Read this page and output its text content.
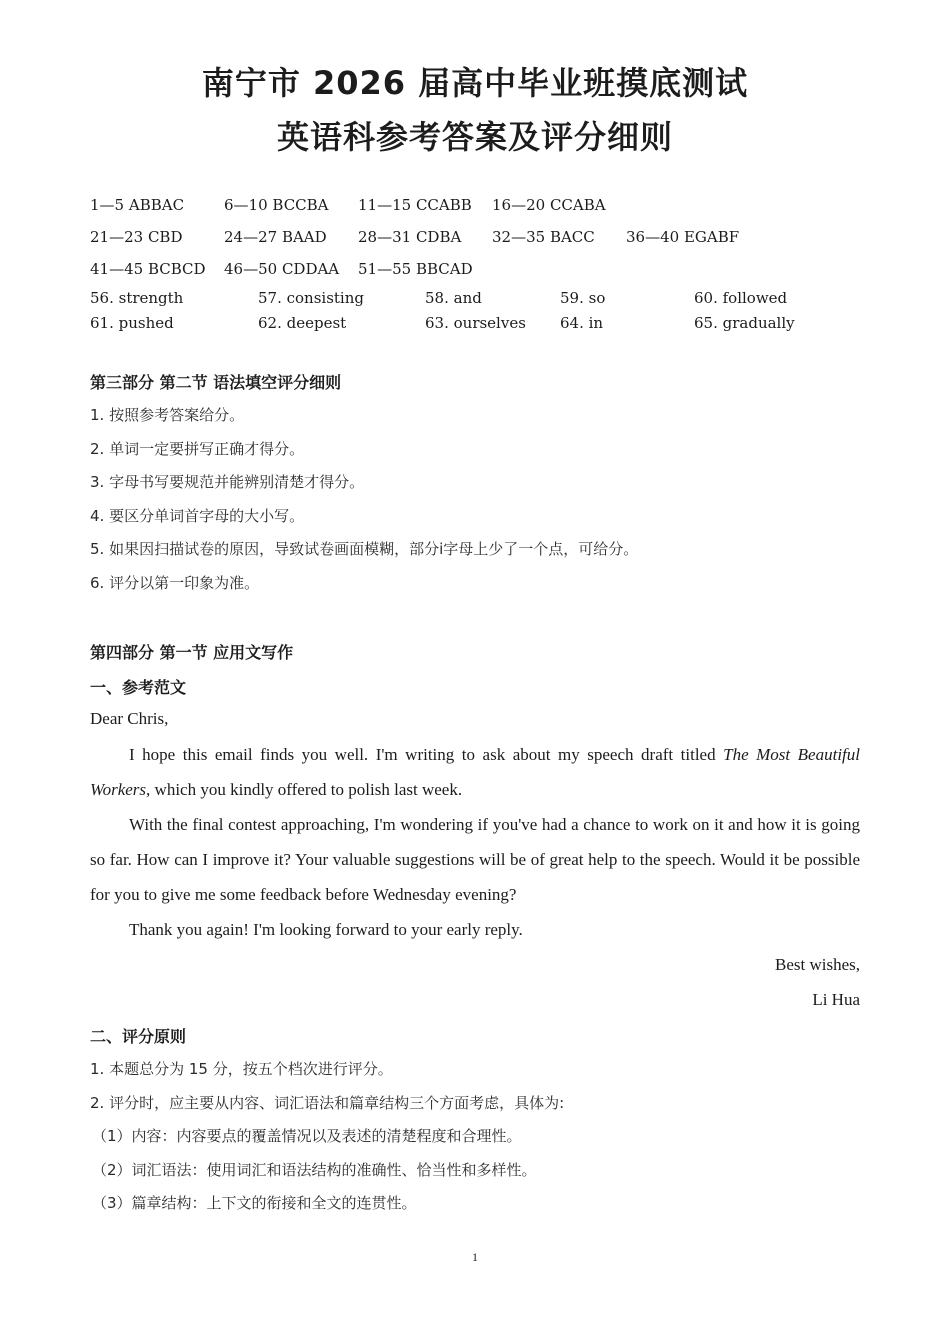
南宁市 2026 届高中毕业班摸底测试
英语科参考答案及评分细则
1—5 ABBAC	6—10 BCCBA 11—15 CCABB 16—20 CCABA
21—23 CBD	24—27 BAAD 28—31 CDBA 32—35 BACC 36—40 EGABF
41—45 BCBCD 46—50 CDDAA 51—55 BBCAD
56. strength	57. consisting	58. and	59. so	60. followed
61. pushed	62. deepest	63. ourselves 64. in	65. gradually
第三部分 第二节 语法填空评分细则
1. 按照参考答案给分。
2. 单词一定要拼写正确才得分。
3. 字母书写要规范并能辨别清楚才得分。
4. 要区分单词首字母的大小写。
5. 如果因扫描试卷的原因，导致试卷画面模糊，部分i字母上少了一个点，可给分。
6. 评分以第一印象为准。
第四部分 第一节 应用文写作
一、参考范文
Dear Chris,
I hope this email finds you well. I'm writing to ask about my speech draft titled The Most Beautiful Workers, which you kindly offered to polish last week.
With the final contest approaching, I'm wondering if you've had a chance to work on it and how it is going so far. How can I improve it? Your valuable suggestions will be of great help to the speech. Would it be possible for you to give me some feedback before Wednesday evening?
Thank you again! I'm looking forward to your early reply.
Best wishes,
Li Hua
二、评分原则
1. 本题总分为 15 分，按五个档次进行评分。
2. 评分时，应主要从内容、词汇语法和篇章结构三个方面考虑，具体为:
（1）内容：内容要点的覆盖情况以及表述的清楚程度和合理性。
（2）词汇语法：使用词汇和语法结构的准确性、恰当性和多样性。
（3）篇章结构：上下文的衔接和全文的连贯性。
1
